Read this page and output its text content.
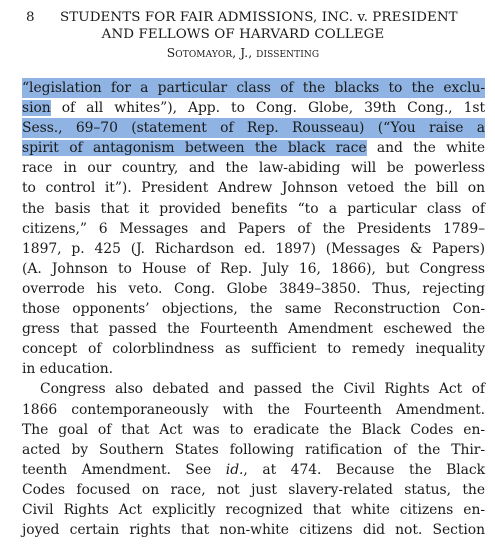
8 STUDENTS FOR FAIR ADMISSIONS, INC. v. PRESIDENT
AND FELLOWS OF HARVARD COLLEGE
Sotomayor, J., dissenting
“legislation for a particular class of the blacks to the exclu-
sion of all whites”), App. to Cong. Globe, 39th Cong., 1st
Sess., 69–70 (statement of Rep. Rousseau) (“You raise a
spirit of antagonism between the black race and the white
race in our country, and the law-abiding will be powerless
to control it”). President Andrew Johnson vetoed the bill on
the basis that it provided benefits “to a particular class of
citizens,” 6 Messages and Papers of the Presidents 1789–
1897, p. 425 (J. Richardson ed. 1897) (Messages & Papers)
(A. Johnson to House of Rep. July 16, 1866), but Congress
overrode his veto. Cong. Globe 3849–3850. Thus, rejecting
those opponents’ objections, the same Reconstruction Con-
gress that passed the Fourteenth Amendment eschewed the
concept of colorblindness as sufficient to remedy inequality
in education.
Congress also debated and passed the Civil Rights Act of
1866 contemporaneously with the Fourteenth Amendment.
The goal of that Act was to eradicate the Black Codes en-
acted by Southern States following ratification of the Thir-
teenth Amendment. See id., at 474. Because the Black
Codes focused on race, not just slavery-related status, the
Civil Rights Act explicitly recognized that white citizens en-
joyed certain rights that non-white citizens did not. Section
